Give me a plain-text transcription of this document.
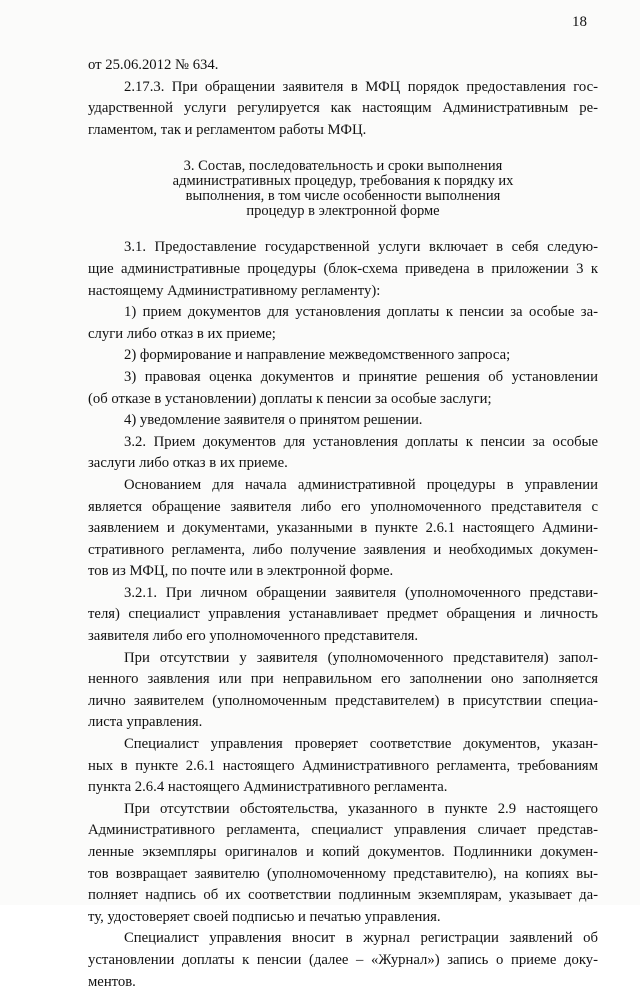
18
от 25.06.2012 № 634.
2.17.3. При обращении заявителя в МФЦ порядок предоставления гос-
ударственной услуги регулируется как настоящим Административным ре-
гламентом, так и регламентом работы МФЦ.
3. Состав, последовательность и сроки выполнения
административных процедур, требования к порядку их
выполнения, в том числе особенности выполнения
процедур в электронной форме
3.1. Предоставление государственной услуги включает в себя следую-
щие административные процедуры (блок-схема приведена в приложении 3 к
настоящему Административному регламенту):
1) прием документов для установления доплаты к пенсии за особые за-
слуги либо отказ в их приеме;
2) формирование и направление межведомственного запроса;
3) правовая оценка документов и принятие решения об установлении
(об отказе в установлении) доплаты к пенсии за особые заслуги;
4) уведомление заявителя о принятом решении.
3.2. Прием документов для установления доплаты к пенсии за особые
заслуги либо отказ в их приеме.
Основанием для начала административной процедуры в управлении
является обращение заявителя либо его уполномоченного представителя с
заявлением и документами, указанными в пункте 2.6.1 настоящего Админи-
стративного регламента, либо получение заявления и необходимых докумен-
тов из МФЦ, по почте или в электронной форме.
3.2.1. При личном обращении заявителя (уполномоченного представи-
теля) специалист управления устанавливает предмет обращения и личность
заявителя либо его уполномоченного представителя.
При отсутствии у заявителя (уполномоченного представителя) запол-
ненного заявления или при неправильном его заполнении оно заполняется
лично заявителем (уполномоченным представителем) в присутствии специа-
листа управления.
Специалист управления проверяет соответствие документов, указан-
ных в пункте 2.6.1 настоящего Административного регламента, требованиям
пункта 2.6.4 настоящего Административного регламента.
При отсутствии обстоятельства, указанного в пункте 2.9 настоящего
Административного регламента, специалист управления сличает представ-
ленные экземпляры оригиналов и копий документов. Подлинники докумен-
тов возвращает заявителю (уполномоченному представителю), на копиях вы-
полняет надпись об их соответствии подлинным экземплярам, указывает да-
ту, удостоверяет своей подписью и печатью управления.
Специалист управления вносит в журнал регистрации заявлений об
установлении доплаты к пенсии (далее – «Журнал») запись о приеме доку-
ментов.
